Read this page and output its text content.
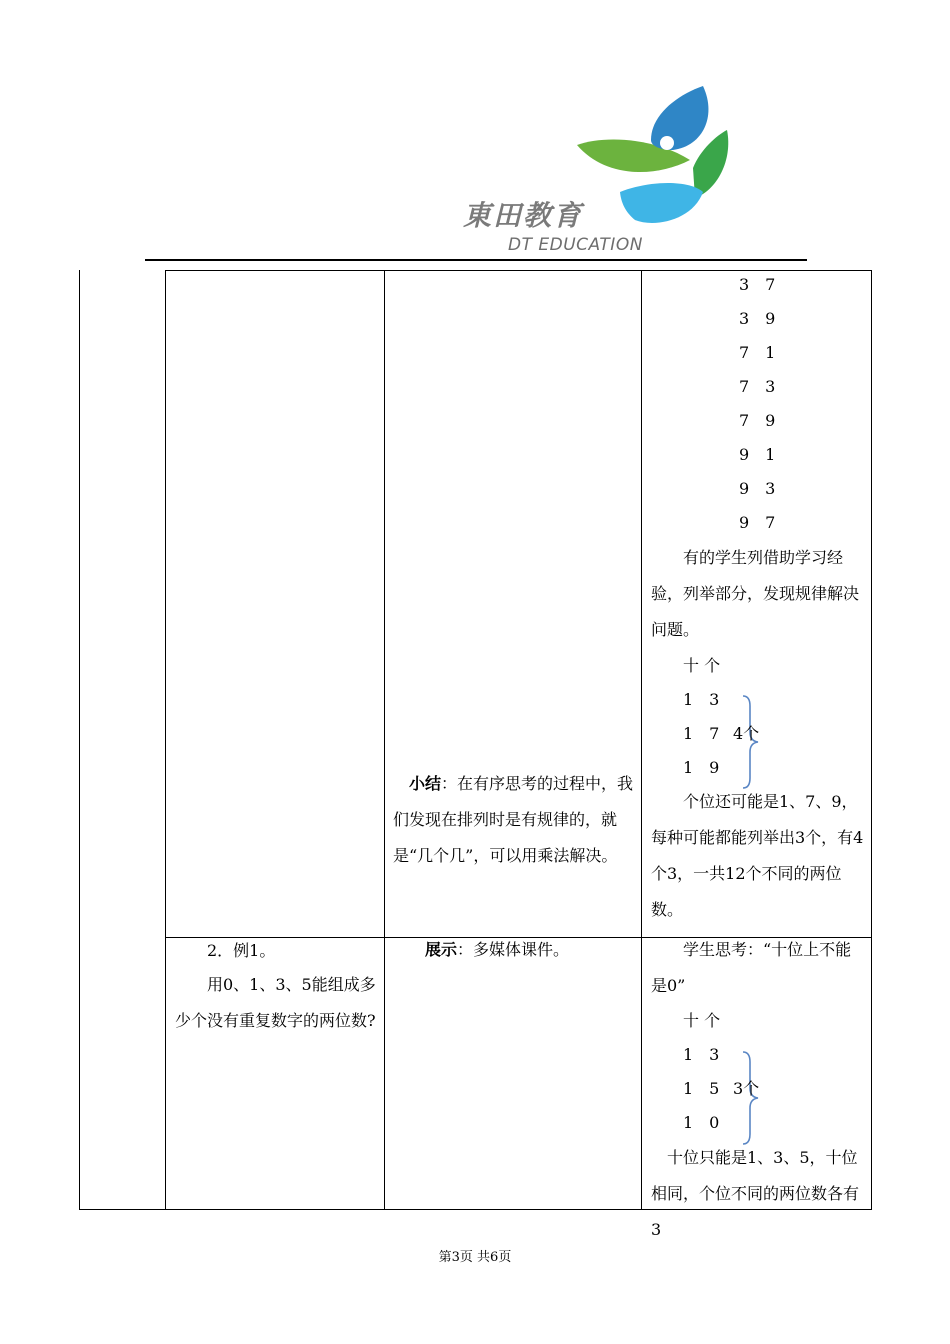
東田教育
DT EDUCATION
3　7
3　9
7　1
7　3
7　9
9　1
9　3
9　7
有的学生列借助学习经验，列举部分，发现规律解决问题。
十 个
1　3
1　7
1　9
4个
个位还可能是1、7、9，每种可能都能列举出3个，有4个3，一共12个不同的两位数。
小结：在有序思考的过程中，我们发现在排列时是有规律的，就是“几个几”，可以用乘法解决。
2．例1。
用0、1、3、5能组成多少个没有重复数字的两位数?
展示：多媒体课件。	学生思考：“十位上不能是0”
十 个
1　3
1　5
1　0
3个
十位只能是1、3、5，十位相同，个位不同的两位数各有3
第3页 共6页
